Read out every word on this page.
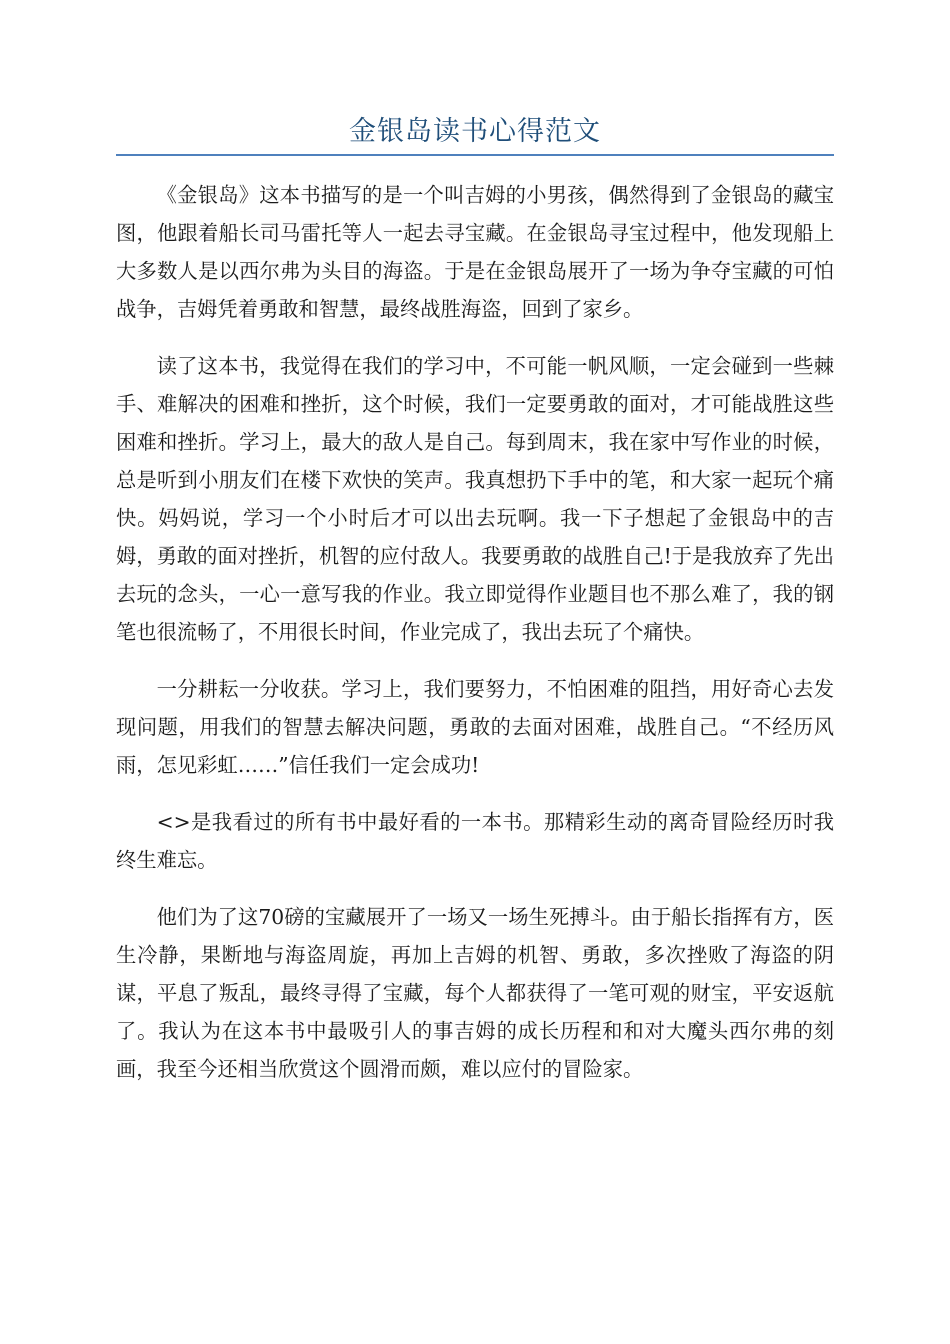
金银岛读书心得范文

《金银岛》这本书描写的是一个叫吉姆的小男孩，偶然得到了金银岛的藏宝图，他跟着船长司马雷托等人一起去寻宝藏。在金银岛寻宝过程中，他发现船上大多数人是以西尔弗为头目的海盗。于是在金银岛展开了一场为争夺宝藏的可怕战争，吉姆凭着勇敢和智慧，最终战胜海盗，回到了家乡。

读了这本书，我觉得在我们的学习中，不可能一帆风顺，一定会碰到一些棘手、难解决的困难和挫折，这个时候，我们一定要勇敢的面对，才可能战胜这些困难和挫折。学习上，最大的敌人是自己。每到周末，我在家中写作业的时候，总是听到小朋友们在楼下欢快的笑声。我真想扔下手中的笔，和大家一起玩个痛快。妈妈说，学习一个小时后才可以出去玩啊。我一下子想起了金银岛中的吉姆，勇敢的面对挫折，机智的应付敌人。我要勇敢的战胜自己!于是我放弃了先出去玩的念头，一心一意写我的作业。我立即觉得作业题目也不那么难了，我的钢笔也很流畅了，不用很长时间，作业完成了，我出去玩了个痛快。

一分耕耘一分收获。学习上，我们要努力，不怕困难的阻挡，用好奇心去发现问题，用我们的智慧去解决问题，勇敢的去面对困难，战胜自己。“不经历风雨，怎见彩虹……”信任我们一定会成功!

<>是我看过的所有书中最好看的一本书。那精彩生动的离奇冒险经历时我终生难忘。

他们为了这70磅的宝藏展开了一场又一场生死搏斗。由于船长指挥有方，医生冷静，果断地与海盗周旋，再加上吉姆的机智、勇敢，多次挫败了海盗的阴谋，平息了叛乱，最终寻得了宝藏，每个人都获得了一笔可观的财宝，平安返航了。我认为在这本书中最吸引人的事吉姆的成长历程和和对大魔头西尔弗的刻画，我至今还相当欣赏这个圆滑而颇，难以应付的冒险家。
